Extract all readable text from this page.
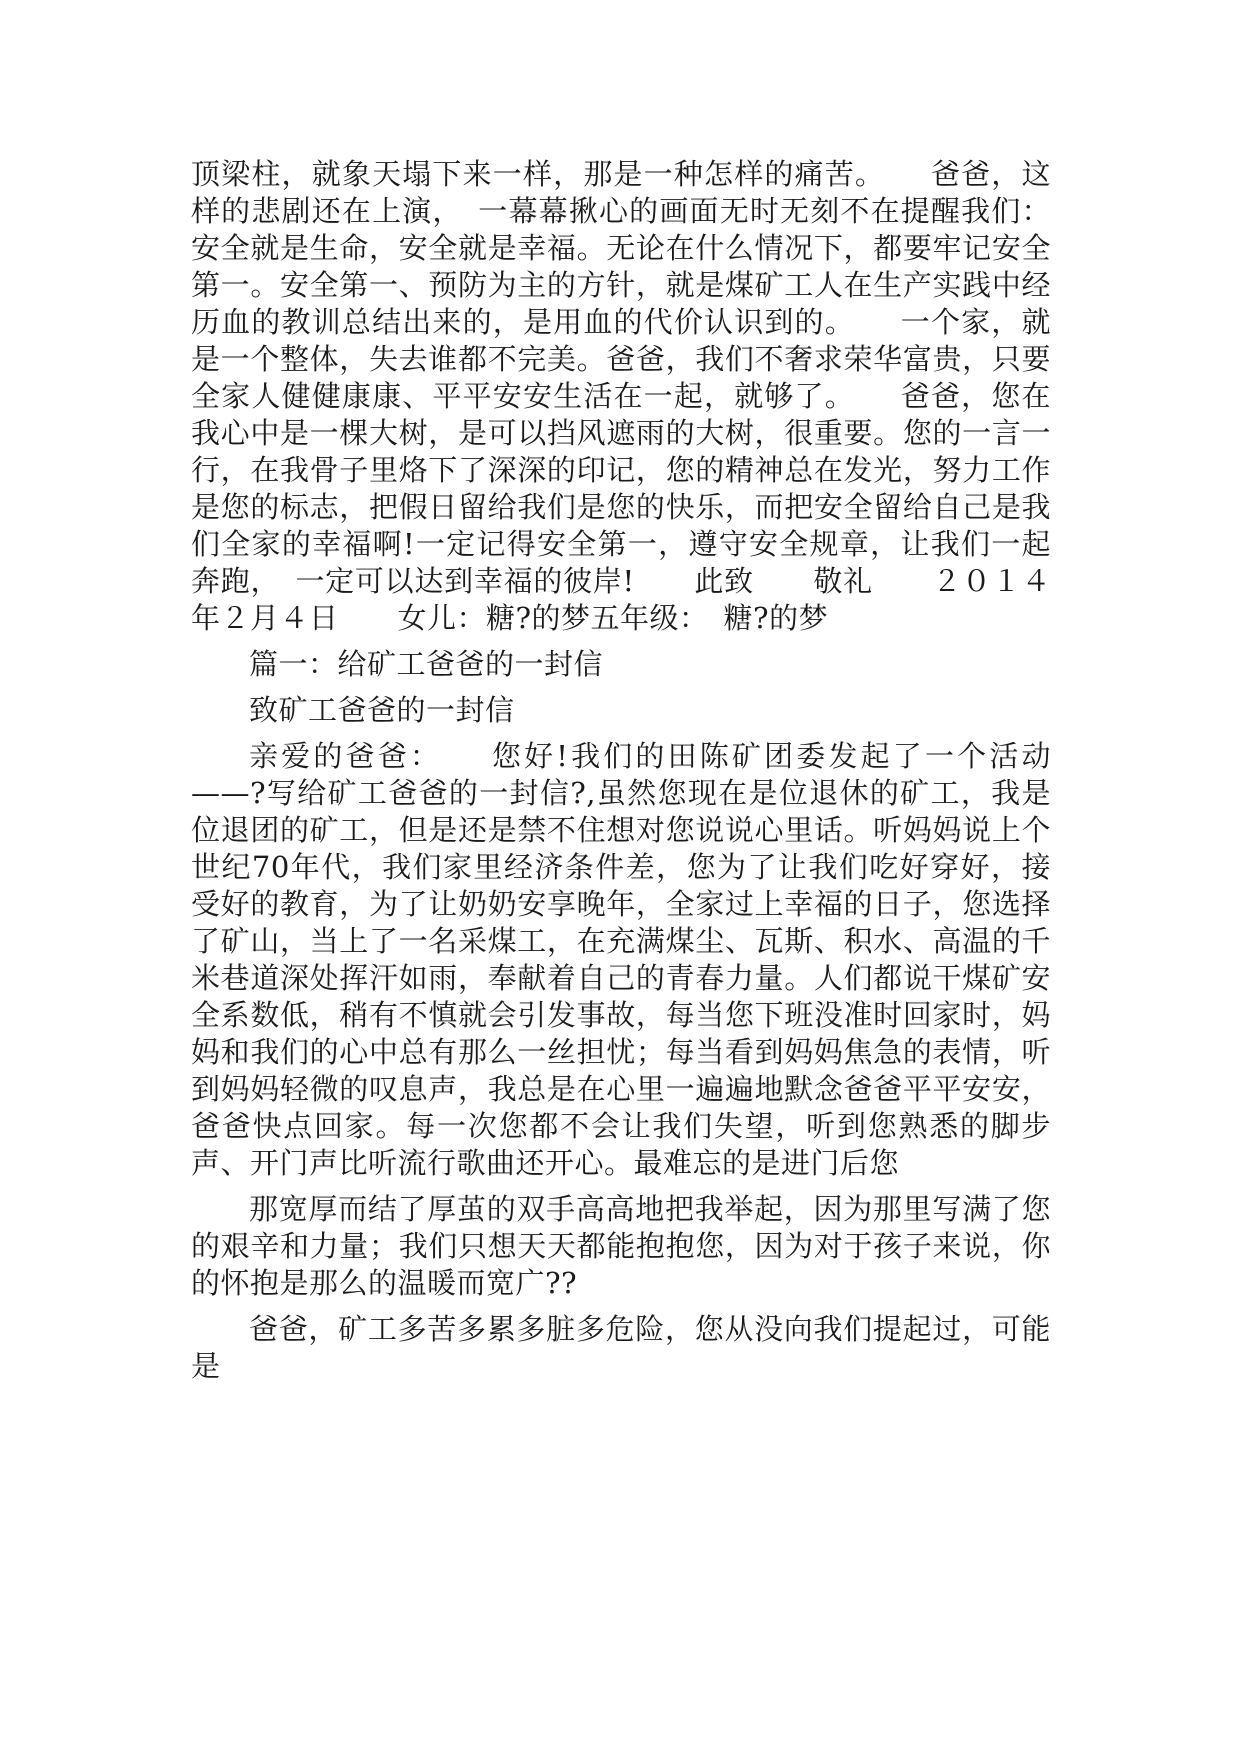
顶梁柱，就象天塌下来一样，那是一种怎样的痛苦。　　爸爸，这样的悲剧还在上演，　一幕幕揪心的画面无时无刻不在提醒我们：安全就是生命，安全就是幸福。无论在什么情况下，都要牢记安全第一。安全第一、预防为主的方针，就是煤矿工人在生产实践中经历血的教训总结出来的，是用血的代价认识到的。　　一个家，就是一个整体，失去谁都不完美。爸爸，我们不奢求荣华富贵，只要全家人健健康康、平平安安生活在一起，就够了。　　爸爸，您在我心中是一棵大树，是可以挡风遮雨的大树，很重要。您的一言一行，在我骨子里烙下了深深的印记，您的精神总在发光，努力工作是您的标志，把假日留给我们是您的快乐，而把安全留给自己是我们全家的幸福啊!一定记得安全第一，遵守安全规章，让我们一起奔跑，　一定可以达到幸福的彼岸!　　此致　　敬礼　　２０１４年２月４日　　女儿：糖?的梦五年级：　糖?的梦

篇一：给矿工爸爸的一封信

致矿工爸爸的一封信

亲爱的爸爸：　　您好!我们的田陈矿团委发起了一个活动——?写给矿工爸爸的一封信?,虽然您现在是位退休的矿工，我是位退团的矿工，但是还是禁不住想对您说说心里话。听妈妈说上个世纪70年代，我们家里经济条件差，您为了让我们吃好穿好，接受好的教育，为了让奶奶安享晚年，全家过上幸福的日子，您选择了矿山，当上了一名采煤工，在充满煤尘、瓦斯、积水、高温的千米巷道深处挥汗如雨，奉献着自己的青春力量。人们都说干煤矿安全系数低，稍有不慎就会引发事故，每当您下班没准时回家时，妈妈和我们的心中总有那么一丝担忧；每当看到妈妈焦急的表情，听到妈妈轻微的叹息声，我总是在心里一遍遍地默念爸爸平平安安，爸爸快点回家。每一次您都不会让我们失望，听到您熟悉的脚步声、开门声比听流行歌曲还开心。最难忘的是进门后您

那宽厚而结了厚茧的双手高高地把我举起，因为那里写满了您的艰辛和力量；我们只想天天都能抱抱您，因为对于孩子来说，你的怀抱是那么的温暖而宽广??

爸爸，矿工多苦多累多脏多危险，您从没向我们提起过，可能是
